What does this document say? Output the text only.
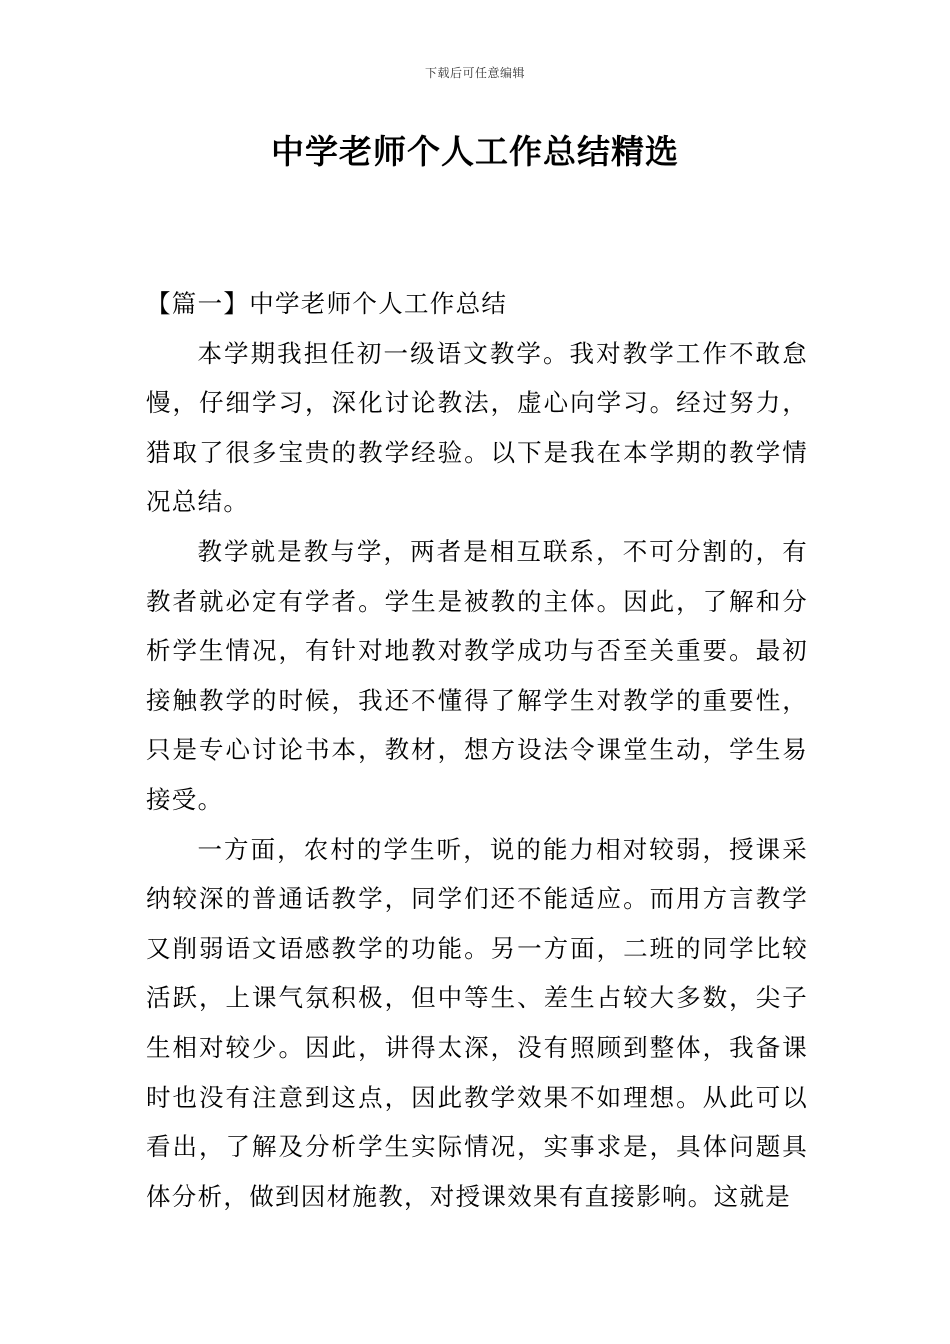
下载后可任意编辑
中学老师个人工作总结精选
【篇一】中学老师个人工作总结

本学期我担任初一级语文教学。我对教学工作不敢怠慢，仔细学习，深化讨论教法，虚心向学习。经过努力，猎取了很多宝贵的教学经验。以下是我在本学期的教学情况总结。

教学就是教与学，两者是相互联系，不可分割的，有教者就必定有学者。学生是被教的主体。因此，了解和分析学生情况，有针对地教对教学成功与否至关重要。最初接触教学的时候，我还不懂得了解学生对教学的重要性，只是专心讨论书本，教材，想方设法令课堂生动，学生易接受。

一方面，农村的学生听，说的能力相对较弱，授课采纳较深的普通话教学，同学们还不能适应。而用方言教学又削弱语文语感教学的功能。另一方面，二班的同学比较活跃，上课气氛积极，但中等生、差生占较大多数，尖子生相对较少。因此，讲得太深，没有照顾到整体，我备课时也没有注意到这点，因此教学效果不如理想。从此可以看出，了解及分析学生实际情况，实事求是，具体问题具体分析，做到因材施教，对授课效果有直接影响。这就是
